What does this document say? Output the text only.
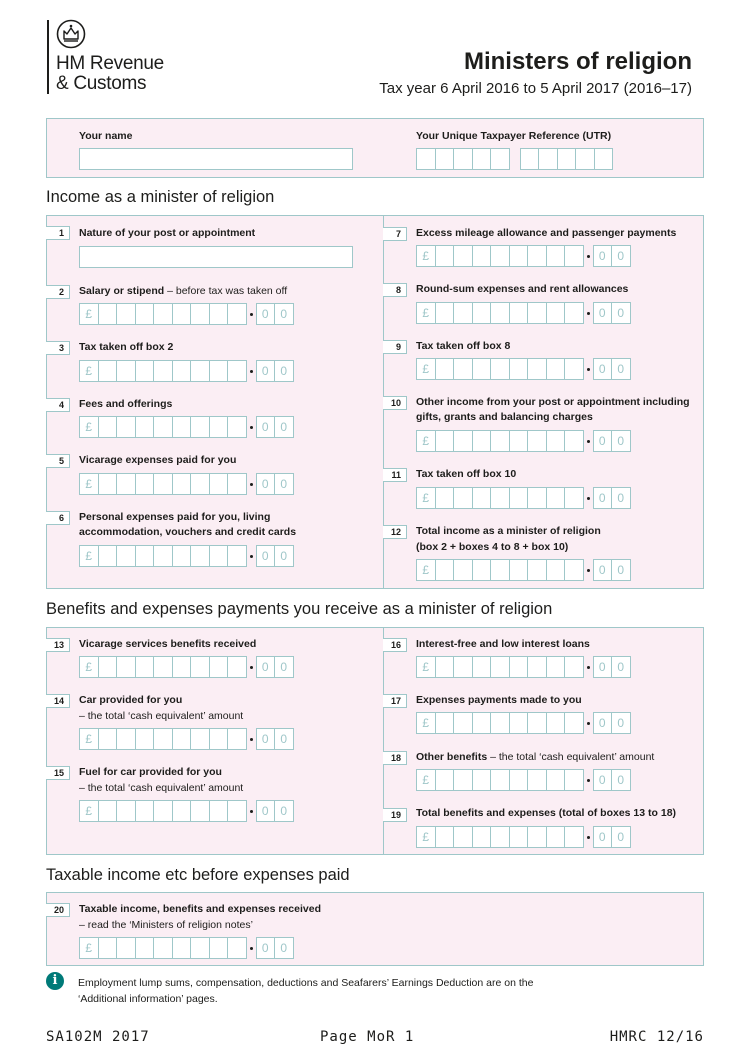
HM Revenue
& Customs
Ministers of religion
Tax year 6 April 2016 to 5 April 2017 (2016–17)
Your name	Your Unique Taxpayer Reference (UTR)
Income as a minister of religion
1	Nature of your post or appointment
2	Salary or stipend – before tax was taken off
£	0 0
3	Tax taken off box 2
£	0 0
4	Fees and offerings
£	0 0
5	Vicarage expenses paid for you
£	0 0
6	Personal expenses paid for you, living
accommodation, vouchers and credit cards
£	0 0
7	Excess mileage allowance and passenger payments
£	0 0
8	Round-sum expenses and rent allowances
£	0 0
9	Tax taken off box 8
£	0 0
10	Other income from your post or appointment including
gifts, grants and balancing charges
£	0 0
11	Tax taken off box 10
£	0 0
12	Total income as a minister of religion
(box 2 + boxes 4 to 8 + box 10)
£	0 0
Benefits and expenses payments you receive as a minister of religion
13	Vicarage services benefits received
£	0 0
14	Car provided for you
– the total ‘cash equivalent’ amount
£	0 0
15	Fuel for car provided for you
– the total ‘cash equivalent’ amount
£	0 0
16	Interest-free and low interest loans
£	0 0
17	Expenses payments made to you
£	0 0
18	Other benefits – the total ‘cash equivalent’ amount
£	0 0
19	Total benefits and expenses (total of boxes 13 to 18)
£	0 0
Taxable income etc before expenses paid
20	Taxable income, benefits and expenses received
– read the ‘Ministers of religion notes’
£	0 0
i	Employment lump sums, compensation, deductions and Seafarers’ Earnings Deduction are on the
‘Additional information’ pages.
SA102M 2017	Page MoR 1	HMRC 12/16
